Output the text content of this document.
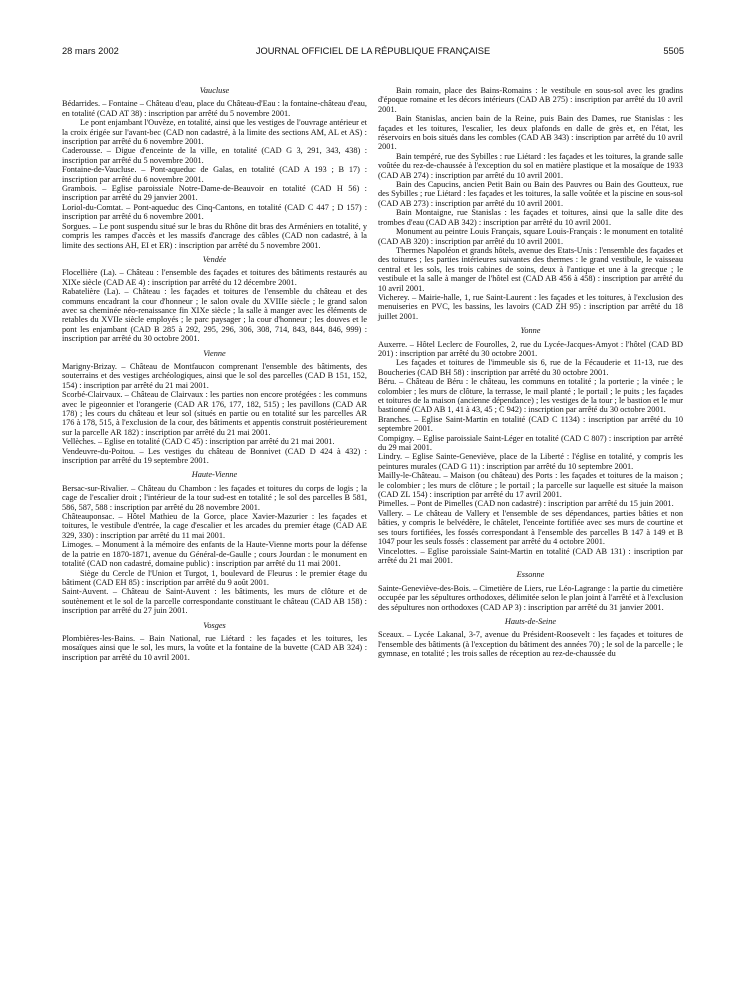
28 mars 2002	JOURNAL OFFICIEL DE LA RÉPUBLIQUE FRANÇAISE	5505
Vaucluse

Bédarrides. – Fontaine – Château d'eau, place du Château-d'Eau : la fontaine-château d'eau, en totalité (CAD AT 38) : inscription par arrêté du 5 novembre 2001.

Le pont enjambant l'Ouvèze, en totalité, ainsi que les vestiges de l'ouvrage antérieur et la croix érigée sur l'avant-bec (CAD non cadastré, à la limite des sections AM, AL et AS) : inscription par arrêté du 6 novembre 2001.

Caderousse. – Digue d'enceinte de la ville, en totalité (CAD G 3, 291, 343, 438) : inscription par arrêté du 5 novembre 2001.

Fontaine-de-Vaucluse. – Pont-aqueduc de Galas, en totalité (CAD A 193 ; B 17) : inscription par arrêté du 6 novembre 2001.

Grambois. – Eglise paroissiale Notre-Dame-de-Beauvoir en totalité (CAD H 56) : inscription par arrêté du 29 janvier 2001.

Loriol-du-Comtat. – Pont-aqueduc des Cinq-Cantons, en totalité (CAD C 447 ; D 157) : inscription par arrêté du 6 novembre 2001.

Sorgues. – Le pont suspendu situé sur le bras du Rhône dit bras des Arméniers en totalité, y compris les rampes d'accès et les massifs d'ancrage des câbles (CAD non cadastré, à la limite des sections AH, EI et ER) : inscription par arrêté du 5 novembre 2001.

Vendée

Flocellière (La). – Château : l'ensemble des façades et toitures des bâtiments restaurés au XIXe siècle (CAD AE 4) : inscription par arrêté du 12 décembre 2001.

Rabatelière (La). – Château : les façades et toitures de l'ensemble du château et des communs encadrant la cour d'honneur ; le salon ovale du XVIIIe siècle ; le grand salon avec sa cheminée néo-renaissance fin XIXe siècle ; la salle à manger avec les éléments de retables du XVIIe siècle employés ; le parc paysager ; la cour d'honneur ; les douves et le pont les enjambant (CAD B 285 à 292, 295, 296, 306, 308, 714, 843, 844, 846, 999) : inscription par arrêté du 30 octobre 2001.

Vienne

Marigny-Brizay. – Château de Montfaucon comprenant l'ensemble des bâtiments, des souterrains et des vestiges archéologiques, ainsi que le sol des parcelles (CAD B 151, 152, 154) : inscription par arrêté du 21 mai 2001.

Scorbé-Clairvaux. – Château de Clairvaux : les parties non encore protégées : les communs avec le pigeonnier et l'orangerie (CAD AR 176, 177, 182, 515) ; les pavillons (CAD AR 178) ; les cours du château et leur sol (situés en partie ou en totalité sur les parcelles AR 176 à 178, 515, à l'exclusion de la cour, des bâtiments et appentis construit postérieurement sur la parcelle AR 182) : inscription par arrêté du 21 mai 2001.

Vellèches. – Eglise en totalité (CAD C 45) : inscription par arrêté du 21 mai 2001.

Vendeuvre-du-Poitou. – Les vestiges du château de Bonnivet (CAD D 424 à 432) : inscription par arrêté du 19 septembre 2001.

Haute-Vienne

Bersac-sur-Rivalier. – Château du Chambon : les façades et toitures du corps de logis ; la cage de l'escalier droit ; l'intérieur de la tour sud-est en totalité ; le sol des parcelles B 581, 586, 587, 588 : inscription par arrêté du 28 novembre 2001.

Châteauponsac. – Hôtel Mathieu de la Gorce, place Xavier-Mazurier : les façades et toitures, le vestibule d'entrée, la cage d'escalier et les arcades du premier étage (CAD AE 329, 330) : inscription par arrêté du 11 mai 2001.

Limoges. – Monument à la mémoire des enfants de la Haute-Vienne morts pour la défense de la patrie en 1870-1871, avenue du Général-de-Gaulle ; cours Jourdan : le monument en totalité (CAD non cadastré, domaine public) : inscription par arrêté du 11 mai 2001.

Siège du Cercle de l'Union et Turgot, 1, boulevard de Fleurus : le premier étage du bâtiment (CAD EH 85) : inscription par arrêté du 9 août 2001.

Saint-Auvent. – Château de Saint-Auvent : les bâtiments, les murs de clôture et de soutènement et le sol de la parcelle correspondante constituant le château (CAD AB 158) : inscription par arrêté du 27 juin 2001.

Vosges

Plombières-les-Bains. – Bain National, rue Liétard : les façades et les toitures, les mosaïques ainsi que le sol, les murs, la voûte et la fontaine de la buvette (CAD AB 324) : inscription par arrêté du 10 avril 2001.

Bain romain, place des Bains-Romains : le vestibule en sous-sol avec les gradins d'époque romaine et les décors intérieurs (CAD AB 275) : inscription par arrêté du 10 avril 2001.

Bain Stanislas, ancien bain de la Reine, puis Bain des Dames, rue Stanislas : les façades et les toitures, l'escalier, les deux plafonds en dalle de grès et, en l'état, les réservoirs en bois situés dans les combles (CAD AB 343) : inscription par arrêté du 10 avril 2001.

Bain tempéré, rue des Sybilles : rue Liétard : les façades et les toitures, la grande salle voûtée du rez-de-chaussée à l'exception du sol en matière plastique et la mosaïque de 1933 (CAD AB 274) : inscription par arrêté du 10 avril 2001.

Bain des Capucins, ancien Petit Bain ou Bain des Pauvres ou Bain des Goutteux, rue des Sybilles ; rue Liétard : les façades et les toitures, la salle voûtée et la piscine en sous-sol (CAD AB 273) : inscription par arrêté du 10 avril 2001.

Bain Montaigne, rue Stanislas : les façades et toitures, ainsi que la salle dite des trombes d'eau (CAD AB 342) : inscription par arrêté du 10 avril 2001.

Monument au peintre Louis Français, square Louis-Français : le monument en totalité (CAD AB 320) : inscription par arrêté du 10 avril 2001.

Thermes Napoléon et grands hôtels, avenue des Etats-Unis : l'ensemble des façades et des toitures ; les parties intérieures suivantes des thermes : le grand vestibule, le vaisseau central et les sols, les trois cabines de soins, deux à l'antique et une à la grecque ; le vestibule et la salle à manger de l'hôtel est (CAD AB 456 à 458) : inscription par arrêté du 10 avril 2001.

Vicherey. – Mairie-halle, 1, rue Saint-Laurent : les façades et les toitures, à l'exclusion des menuiseries en PVC, les bassins, les lavoirs (CAD ZH 95) : inscription par arrêté du 18 juillet 2001.

Yonne

Auxerre. – Hôtel Leclerc de Fourolles, 2, rue du Lycée-Jacques-Amyot : l'hôtel (CAD BD 201) : inscription par arrêté du 30 octobre 2001.

Les façades et toitures de l'immeuble sis 6, rue de la Fécauderie et 11-13, rue des Boucheries (CAD BH 58) : inscription par arrêté du 30 octobre 2001.

Béru. – Château de Béru : le château, les communs en totalité ; la porterie ; la vinée ; le colombier ; les murs de clôture, la terrasse, le mail planté ; le portail ; le puits ; les façades et toitures de la maison (ancienne dépendance) ; les vestiges de la tour ; le bastion et le mur bastionné (CAD AB 1, 41 à 43, 45 ; C 942) : inscription par arrêté du 30 octobre 2001.

Branches. – Eglise Saint-Martin en totalité (CAD C 1134) : inscription par arrêté du 10 septembre 2001.

Compigny. – Eglise paroissiale Saint-Léger en totalité (CAD C 807) : inscription par arrêté du 29 mai 2001.

Lindry. – Eglise Sainte-Geneviève, place de la Liberté : l'église en totalité, y compris les peintures murales (CAD G 11) : inscription par arrêté du 10 septembre 2001.

Mailly-le-Château. – Maison (ou château) des Ports : les façades et toitures de la maison ; le colombier ; les murs de clôture ; le portail ; la parcelle sur laquelle est située la maison (CAD ZL 154) : inscription par arrêté du 17 avril 2001.

Pimelles. – Pont de Pimelles (CAD non cadastré) : inscription par arrêté du 15 juin 2001.

Vallery. – Le château de Vallery et l'ensemble de ses dépendances, parties bâties et non bâties, y compris le belvédère, le châtelet, l'enceinte fortifiée avec ses murs de courtine et ses tours fortifiées, les fossés correspondant à l'ensemble des parcelles B 147 à 149 et B 1047 pour les seuls fossés : classement par arrêté du 4 octobre 2001.

Vincelottes. – Eglise paroissiale Saint-Martin en totalité (CAD AB 131) : inscription par arrêté du 21 mai 2001.

Essonne

Sainte-Geneviève-des-Bois. – Cimetière de Liers, rue Léo-Lagrange : la partie du cimetière occupée par les sépultures orthodoxes, délimitée selon le plan joint à l'arrêté et à l'exclusion des sépultures non orthodoxes (CAD AP 3) : inscription par arrêté du 31 janvier 2001.

Hauts-de-Seine

Sceaux. – Lycée Lakanal, 3-7, avenue du Président-Roosevelt : les façades et toitures de l'ensemble des bâtiments (à l'exception du bâtiment des années 70) ; le sol de la parcelle ; le gymnase, en totalité ; les trois salles de réception au rez-de-chaussée du
